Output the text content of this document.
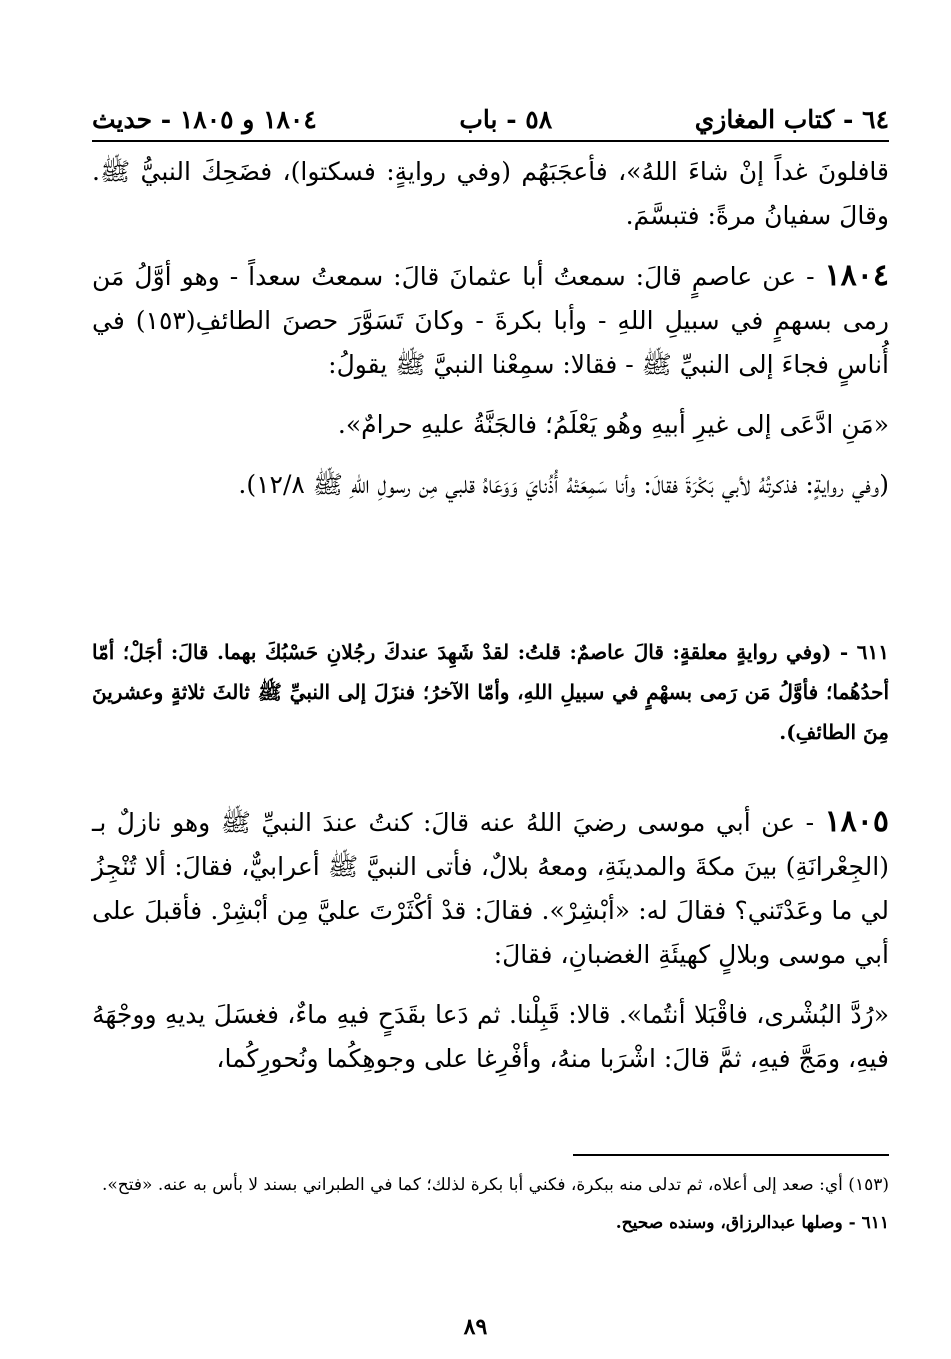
٦٤ - كتاب المغازي
٥٨ - باب
١٨٠٤ و ١٨٠٥ - حديث

قافلونَ غداً إنْ شاءَ اللهُ»، فأعجَبَهُم (وفي روايةٍ: فسكتوا)، فضَحِكَ النبيُّ ﷺ. وقالَ سفيانُ مرةً: فتبسَّمَ.

١٨٠٤ - عن عاصمٍ قالَ: سمعتُ أبا عثمانَ قالَ: سمعتُ سعداً - وهو أوَّلُ مَن رمى بسهمٍ في سبيلِ اللهِ - وأبا بكرةَ - وكانَ تَسَوَّرَ حصنَ الطائفِ(١٥٣) في أُناسٍ فجاءَ إلى النبيِّ ﷺ - فقالا: سمِعْنا النبيَّ ﷺ يقولُ:

«مَنِ ادَّعَى إلى غيرِ أبيهِ وهُو يَعْلَمُ؛ فالجَنَّةُ عليهِ حرامٌ».

(وفي روايةٍ: فذكرتُهُ لأبي بَكْرَةَ فقالَ: وأنا سَمِعَتْهُ أُذُنايَ وَوَعَاهُ قلبي مِن رسولِ اللهِ ﷺ ١٢/٨).

٦١١ - (وفي روايةٍ معلقةٍ: قالَ عاصمٌ: قلتُ: لقدْ شَهِدَ عندكَ رجُلانِ حَسْبُكَ بهما. قالَ: أجَلْ؛ أمّا أحدُهُما؛ فأوَّلُ مَن رَمى بسهْمٍ في سبيلِ اللهِ، وأمّا الآخرُ؛ فنزَلَ إلى النبيِّ ﷺ ثالثَ ثلاثةٍ وعشرينَ مِنَ الطائفِ).

١٨٠٥ - عن أبي موسى رضيَ اللهُ عنه قالَ: كنتُ عندَ النبيِّ ﷺ وهو نازلٌ بـ (الجِعْرانَةِ) بينَ مكةَ والمدينَةِ، ومعهُ بلالٌ، فأتى النبيَّ ﷺ أعرابيٌّ، فقالَ: ألا تُنْجِزُ لي ما وعَدْتَني؟ فقالَ له: «أبْشِرْ». فقالَ: قدْ أكْثَرْتَ عليَّ مِن أبْشِرْ. فأقبلَ على أبي موسى وبلالٍ كهيئَةِ الغضبانِ، فقالَ:

«رُدَّ البُشْرى، فاقْبَلا أنتُما». قالا: قَبِلْنا. ثم دَعا بقَدَحٍ فيهِ ماءٌ، فغسَلَ يديهِ ووجْهَهُ فيهِ، ومَجَّ فيهِ، ثمَّ قالَ: اشْرَبا منهُ، وأفْرِغا على وجوهِكُما ونُحورِكُما،

(١٥٣) أي: صعد إلى أعلاه، ثم تدلى منه ببكرة، فكني أبا بكرة لذلك؛ كما في الطبراني بسند لا بأس به عنه. «فتح».

٦١١ - وصلها عبدالرزاق، وسنده صحيح.

٨٩
